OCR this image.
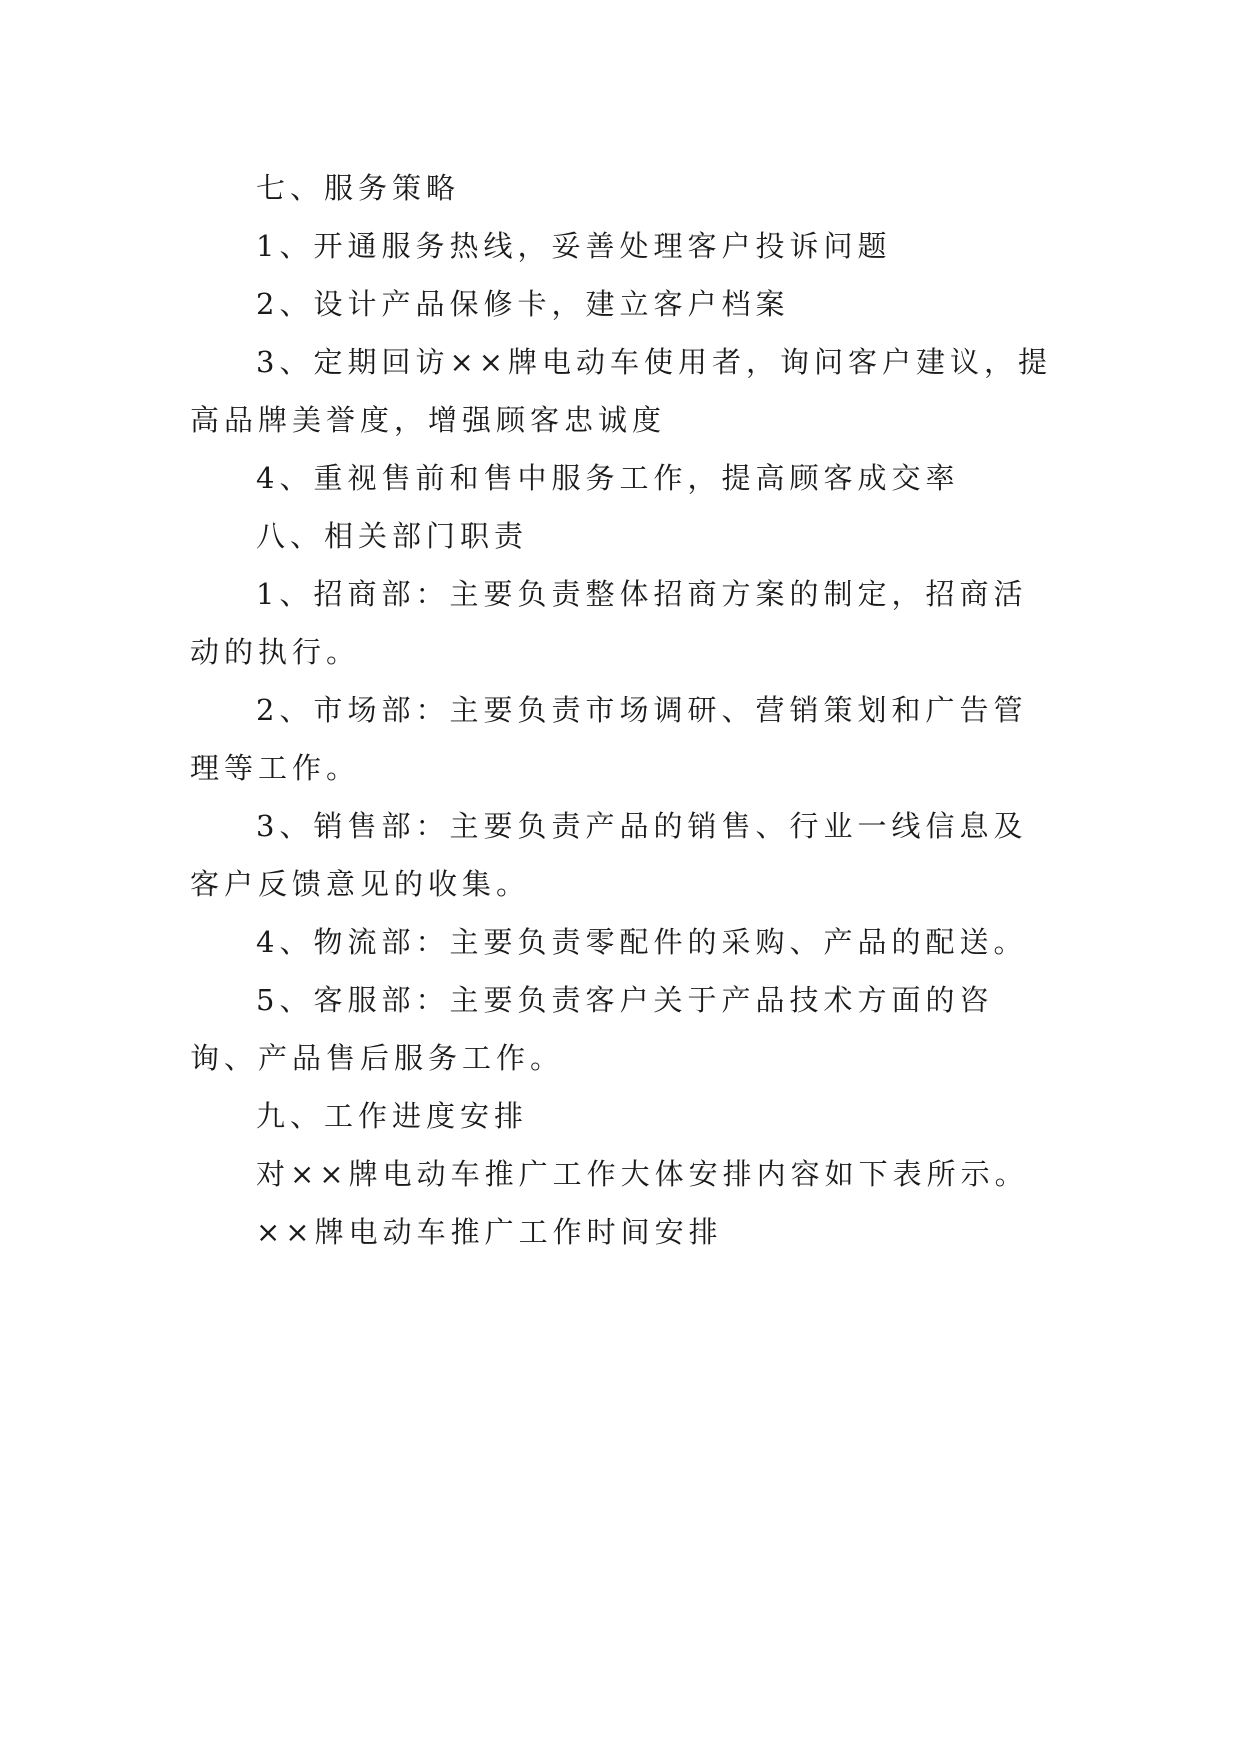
七、服务策略

1、开通服务热线，妥善处理客户投诉问题

2、设计产品保修卡，建立客户档案

3、定期回访××牌电动车使用者，询问客户建议，提高品牌美誉度，增强顾客忠诚度

4、重视售前和售中服务工作，提高顾客成交率

八、相关部门职责

1、招商部：主要负责整体招商方案的制定，招商活动的执行。

2、市场部：主要负责市场调研、营销策划和广告管理等工作。

3、销售部：主要负责产品的销售、行业一线信息及客户反馈意见的收集。

4、物流部：主要负责零配件的采购、产品的配送。

5、客服部：主要负责客户关于产品技术方面的咨询、产品售后服务工作。

九、工作进度安排

对××牌电动车推广工作大体安排内容如下表所示。

××牌电动车推广工作时间安排
